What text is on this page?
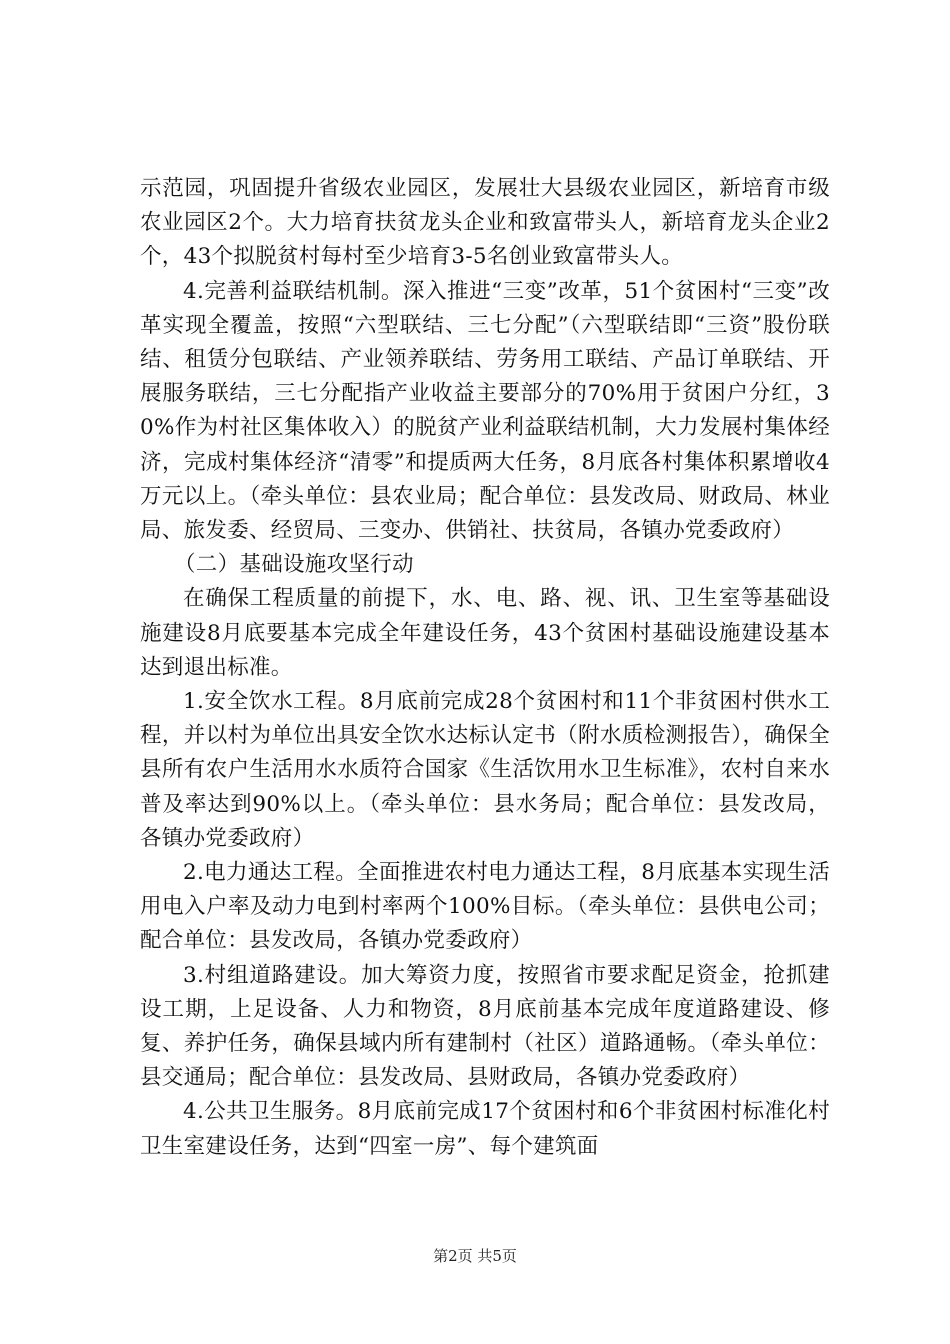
示范园，巩固提升省级农业园区，发展壮大县级农业园区，新培育市级农业园区2个。大力培育扶贫龙头企业和致富带头人，新培育龙头企业2个，43个拟脱贫村每村至少培育3-5名创业致富带头人。

4.完善利益联结机制。深入推进“三变”改革，51个贫困村“三变”改革实现全覆盖，按照“六型联结、三七分配”（六型联结即“三资”股份联结、租赁分包联结、产业领养联结、劳务用工联结、产品订单联结、开展服务联结，三七分配指产业收益主要部分的70%用于贫困户分红，30%作为村社区集体收入）的脱贫产业利益联结机制，大力发展村集体经济，完成村集体经济“清零”和提质两大任务，8月底各村集体积累增收4万元以上。（牵头单位：县农业局；配合单位：县发改局、财政局、林业局、旅发委、经贸局、三变办、供销社、扶贫局，各镇办党委政府）

（二）基础设施攻坚行动

在确保工程质量的前提下，水、电、路、视、讯、卫生室等基础设施建设8月底要基本完成全年建设任务，43个贫困村基础设施建设基本达到退出标准。

1.安全饮水工程。8月底前完成28个贫困村和11个非贫困村供水工程，并以村为单位出具安全饮水达标认定书（附水质检测报告），确保全县所有农户生活用水水质符合国家《生活饮用水卫生标准》，农村自来水普及率达到90%以上。（牵头单位：县水务局；配合单位：县发改局，各镇办党委政府）

2.电力通达工程。全面推进农村电力通达工程，8月底基本实现生活用电入户率及动力电到村率两个100%目标。（牵头单位：县供电公司；配合单位：县发改局，各镇办党委政府）

3.村组道路建设。加大筹资力度，按照省市要求配足资金，抢抓建设工期，上足设备、人力和物资，8月底前基本完成年度道路建设、修复、养护任务，确保县域内所有建制村（社区）道路通畅。（牵头单位：县交通局；配合单位：县发改局、县财政局，各镇办党委政府）

4.公共卫生服务。8月底前完成17个贫困村和6个非贫困村标准化村卫生室建设任务，达到“四室一房”、每个建筑面

第2页 共5页
